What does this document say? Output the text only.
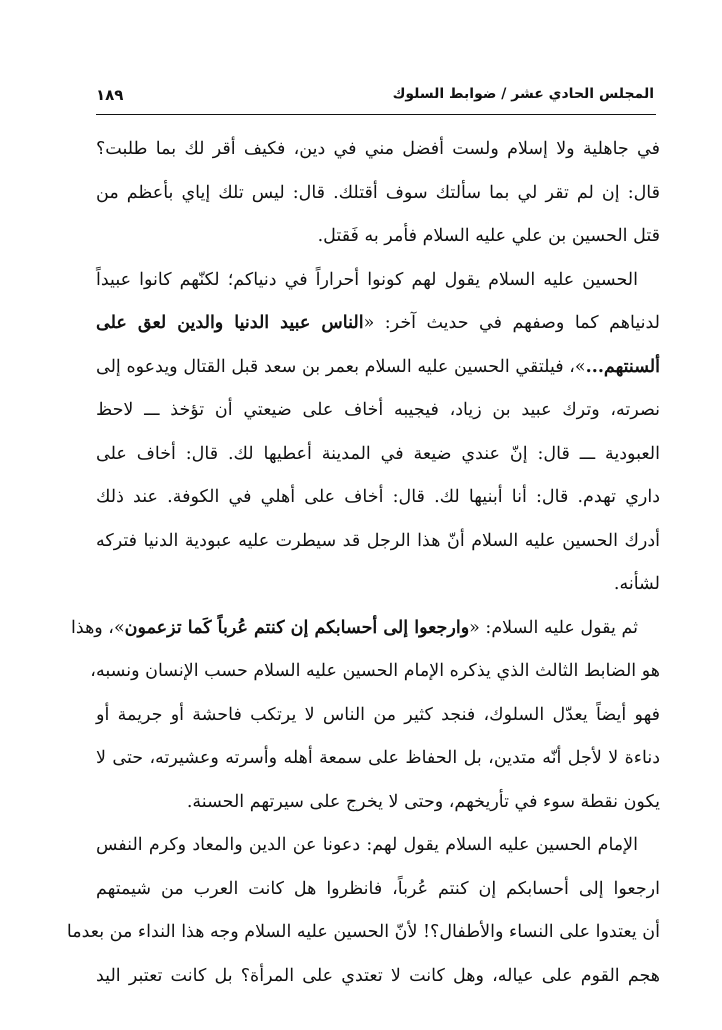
المجلس الحادي عشر / ضوابط السلوك
١٨٩
في جاهلية ولا إسلام ولست أفضل مني في دين، فكيف أقر لك بما طلبت؟
قال: إن لم تقر لي بما سألتك سوف أقتلك. قال: ليس تلك إياي بأعظم من
قتل الحسين بن علي عليه السلام فأمر به فَقتل.
الحسين عليه السلام يقول لهم كونوا أحراراً في دنياكم؛ لكنّهم كانوا عبيداً
لدنياهم كما وصفهم في حديث آخر: «الناس عبيد الدنيا والدين لعق على
ألسنتهم...»، فيلتقي الحسين عليه السلام بعمر بن سعد قبل القتال ويدعوه إلى
نصرته، وترك عبيد بن زياد، فيجيبه أخاف على ضيعتي أن تؤخذ ـــ لاحظ
العبودية ـــ قال: إنّ عندي ضيعة في المدينة أعطيها لك. قال: أخاف على
داري تهدم. قال: أنا أبنيها لك. قال: أخاف على أهلي في الكوفة. عند ذلك
أدرك الحسين عليه السلام أنّ هذا الرجل قد سيطرت عليه عبودية الدنيا فتركه
لشأنه.
ثم يقول عليه السلام: «وارجعوا إلى أحسابكم إن كنتم عُرباً كَما تزعمون»، وهذا
هو الضابط الثالث الذي يذكره الإمام الحسين عليه السلام حسب الإنسان ونسبه،
فهو أيضاً يعدّل السلوك، فنجد كثير من الناس لا يرتكب فاحشة أو جريمة أو
دناءة لا لأجل أنّه متدين، بل الحفاظ على سمعة أهله وأسرته وعشيرته، حتى لا
يكون نقطة سوء في تأريخهم، وحتى لا يخرج على سيرتهم الحسنة.
الإمام الحسين عليه السلام يقول لهم: دعونا عن الدين والمعاد وكرم النفس
ارجعوا إلى أحسابكم إن كنتم عُرباً، فانظروا هل كانت العرب من شيمتهم
أن يعتدوا على النساء والأطفال؟! لأنّ الحسين عليه السلام وجه هذا النداء من بعدما
هجم القوم على عياله، وهل كانت لا تعتدي على المرأة؟ بل كانت تعتبر اليد
